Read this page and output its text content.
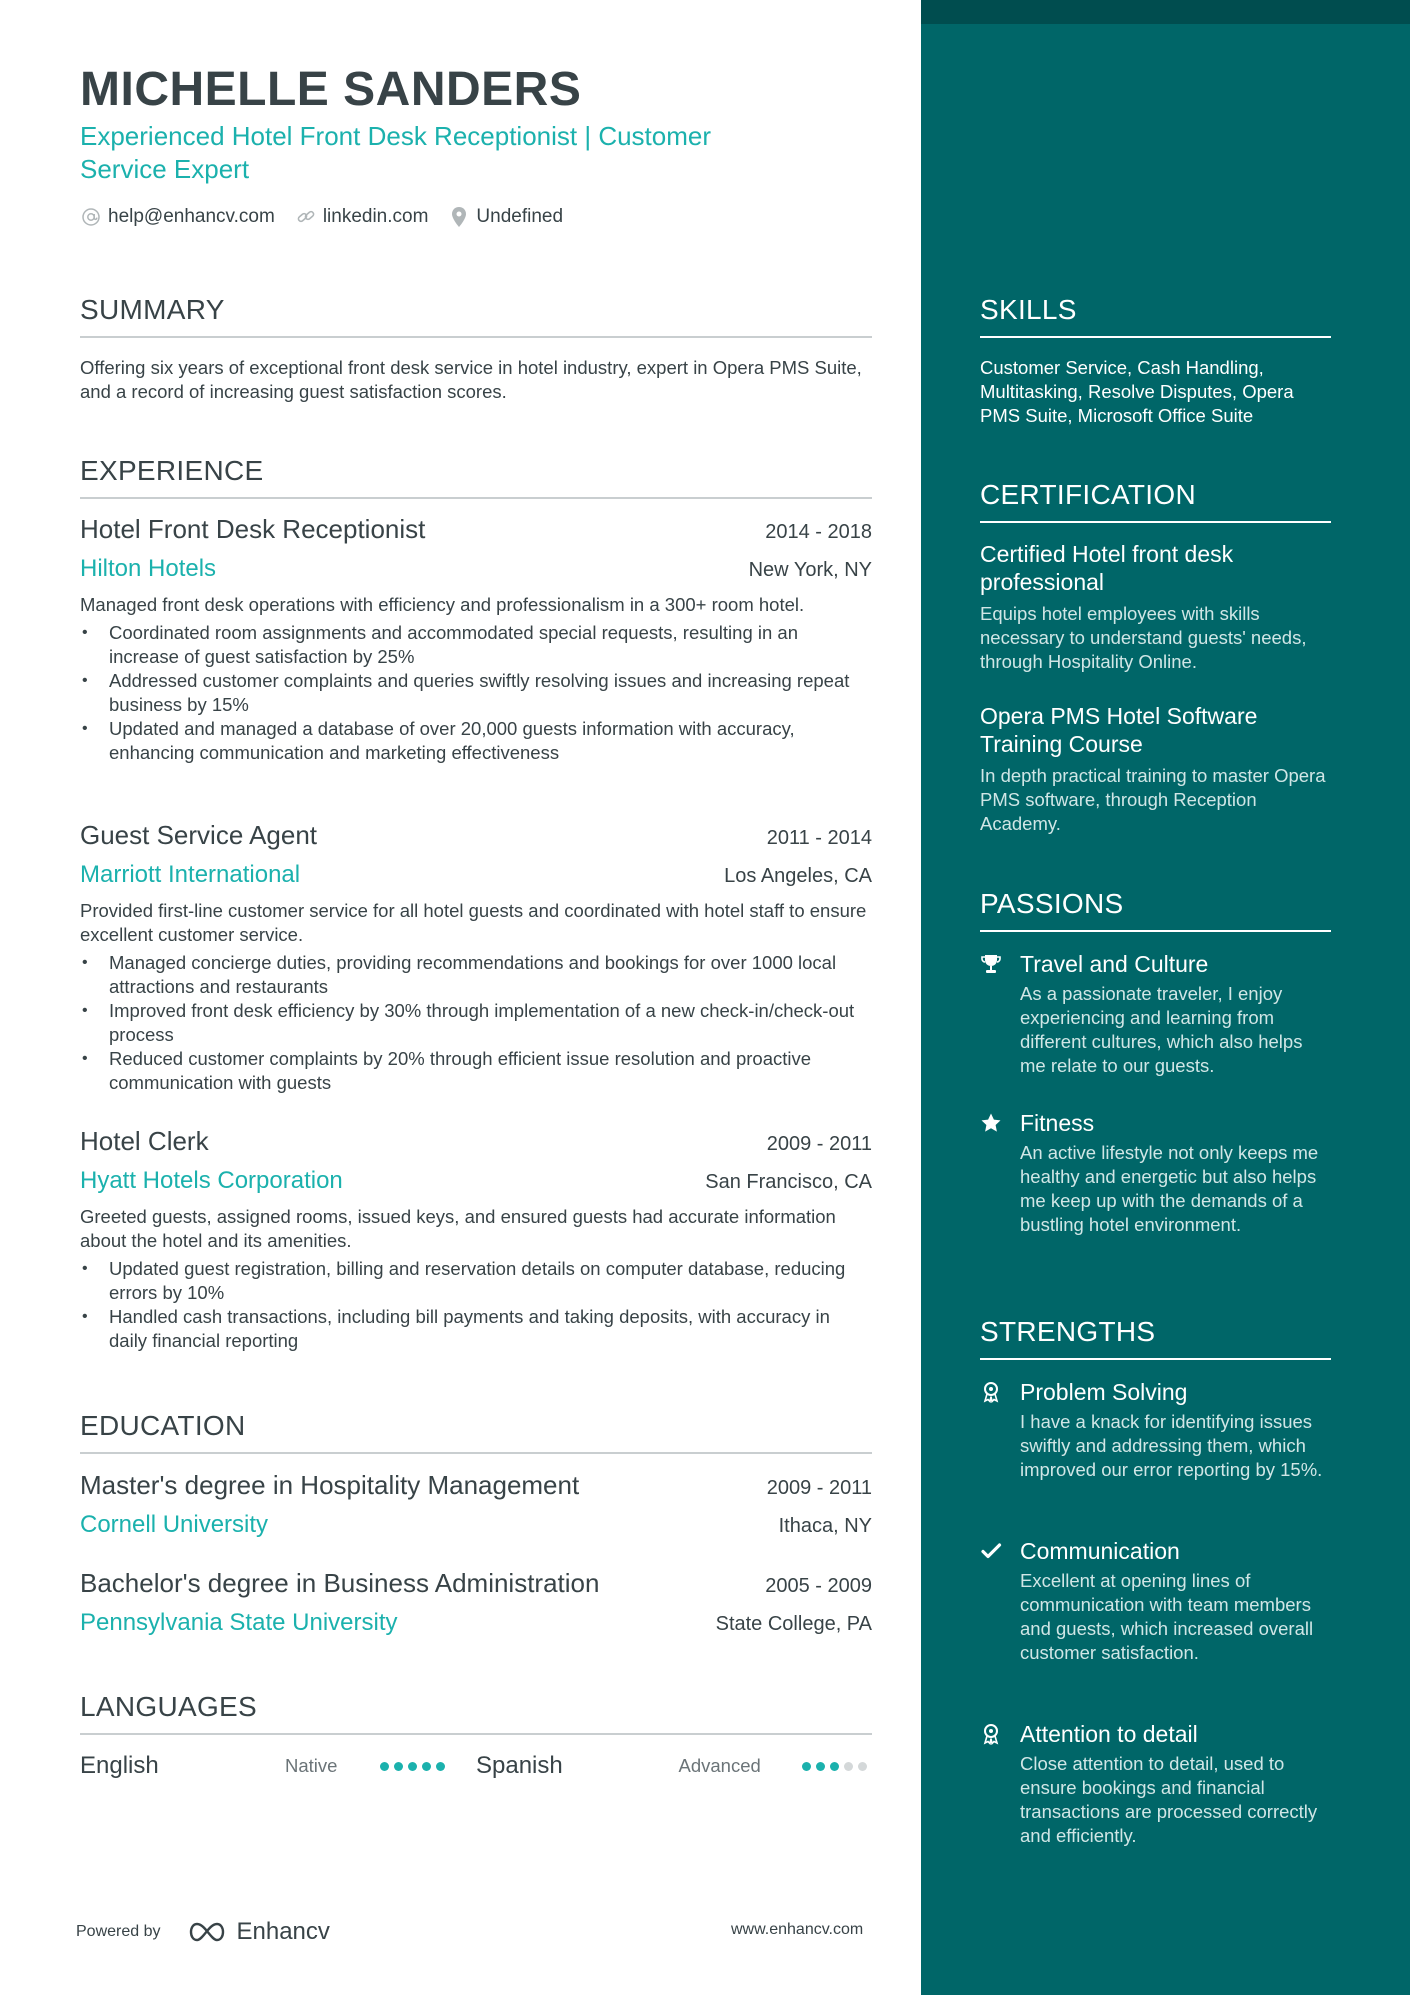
MICHELLE SANDERS
Experienced Hotel Front Desk Receptionist | Customer Service Expert
help@enhancv.com	linkedin.com	Undefined
SUMMARY
Offering six years of exceptional front desk service in hotel industry, expert in Opera PMS Suite, and a record of increasing guest satisfaction scores.
EXPERIENCE
Hotel Front Desk Receptionist	2014 - 2018
Hilton Hotels	New York, NY
Managed front desk operations with efficiency and professionalism in a 300+ room hotel.
• Coordinated room assignments and accommodated special requests, resulting in an increase of guest satisfaction by 25%
• Addressed customer complaints and queries swiftly resolving issues and increasing repeat business by 15%
• Updated and managed a database of over 20,000 guests information with accuracy, enhancing communication and marketing effectiveness
Guest Service Agent	2011 - 2014
Marriott International	Los Angeles, CA
Provided first-line customer service for all hotel guests and coordinated with hotel staff to ensure excellent customer service.
• Managed concierge duties, providing recommendations and bookings for over 1000 local attractions and restaurants
• Improved front desk efficiency by 30% through implementation of a new check-in/check-out process
• Reduced customer complaints by 20% through efficient issue resolution and proactive communication with guests
Hotel Clerk	2009 - 2011
Hyatt Hotels Corporation	San Francisco, CA
Greeted guests, assigned rooms, issued keys, and ensured guests had accurate information about the hotel and its amenities.
• Updated guest registration, billing and reservation details on computer database, reducing errors by 10%
• Handled cash transactions, including bill payments and taking deposits, with accuracy in daily financial reporting
EDUCATION
Master's degree in Hospitality Management	2009 - 2011
Cornell University	Ithaca, NY
Bachelor's degree in Business Administration	2005 - 2009
Pennsylvania State University	State College, PA
LANGUAGES
English	Native	Spanish	Advanced
Powered by	Enhancv	www.enhancv.com
SKILLS
Customer Service, Cash Handling, Multitasking, Resolve Disputes, Opera PMS Suite, Microsoft Office Suite
CERTIFICATION
Certified Hotel front desk professional
Equips hotel employees with skills necessary to understand guests' needs, through Hospitality Online.
Opera PMS Hotel Software Training Course
In depth practical training to master Opera PMS software, through Reception Academy.
PASSIONS
Travel and Culture
As a passionate traveler, I enjoy experiencing and learning from different cultures, which also helps me relate to our guests.
Fitness
An active lifestyle not only keeps me healthy and energetic but also helps me keep up with the demands of a bustling hotel environment.
STRENGTHS
Problem Solving
I have a knack for identifying issues swiftly and addressing them, which improved our error reporting by 15%.
Communication
Excellent at opening lines of communication with team members and guests, which increased overall customer satisfaction.
Attention to detail
Close attention to detail, used to ensure bookings and financial transactions are processed correctly and efficiently.
